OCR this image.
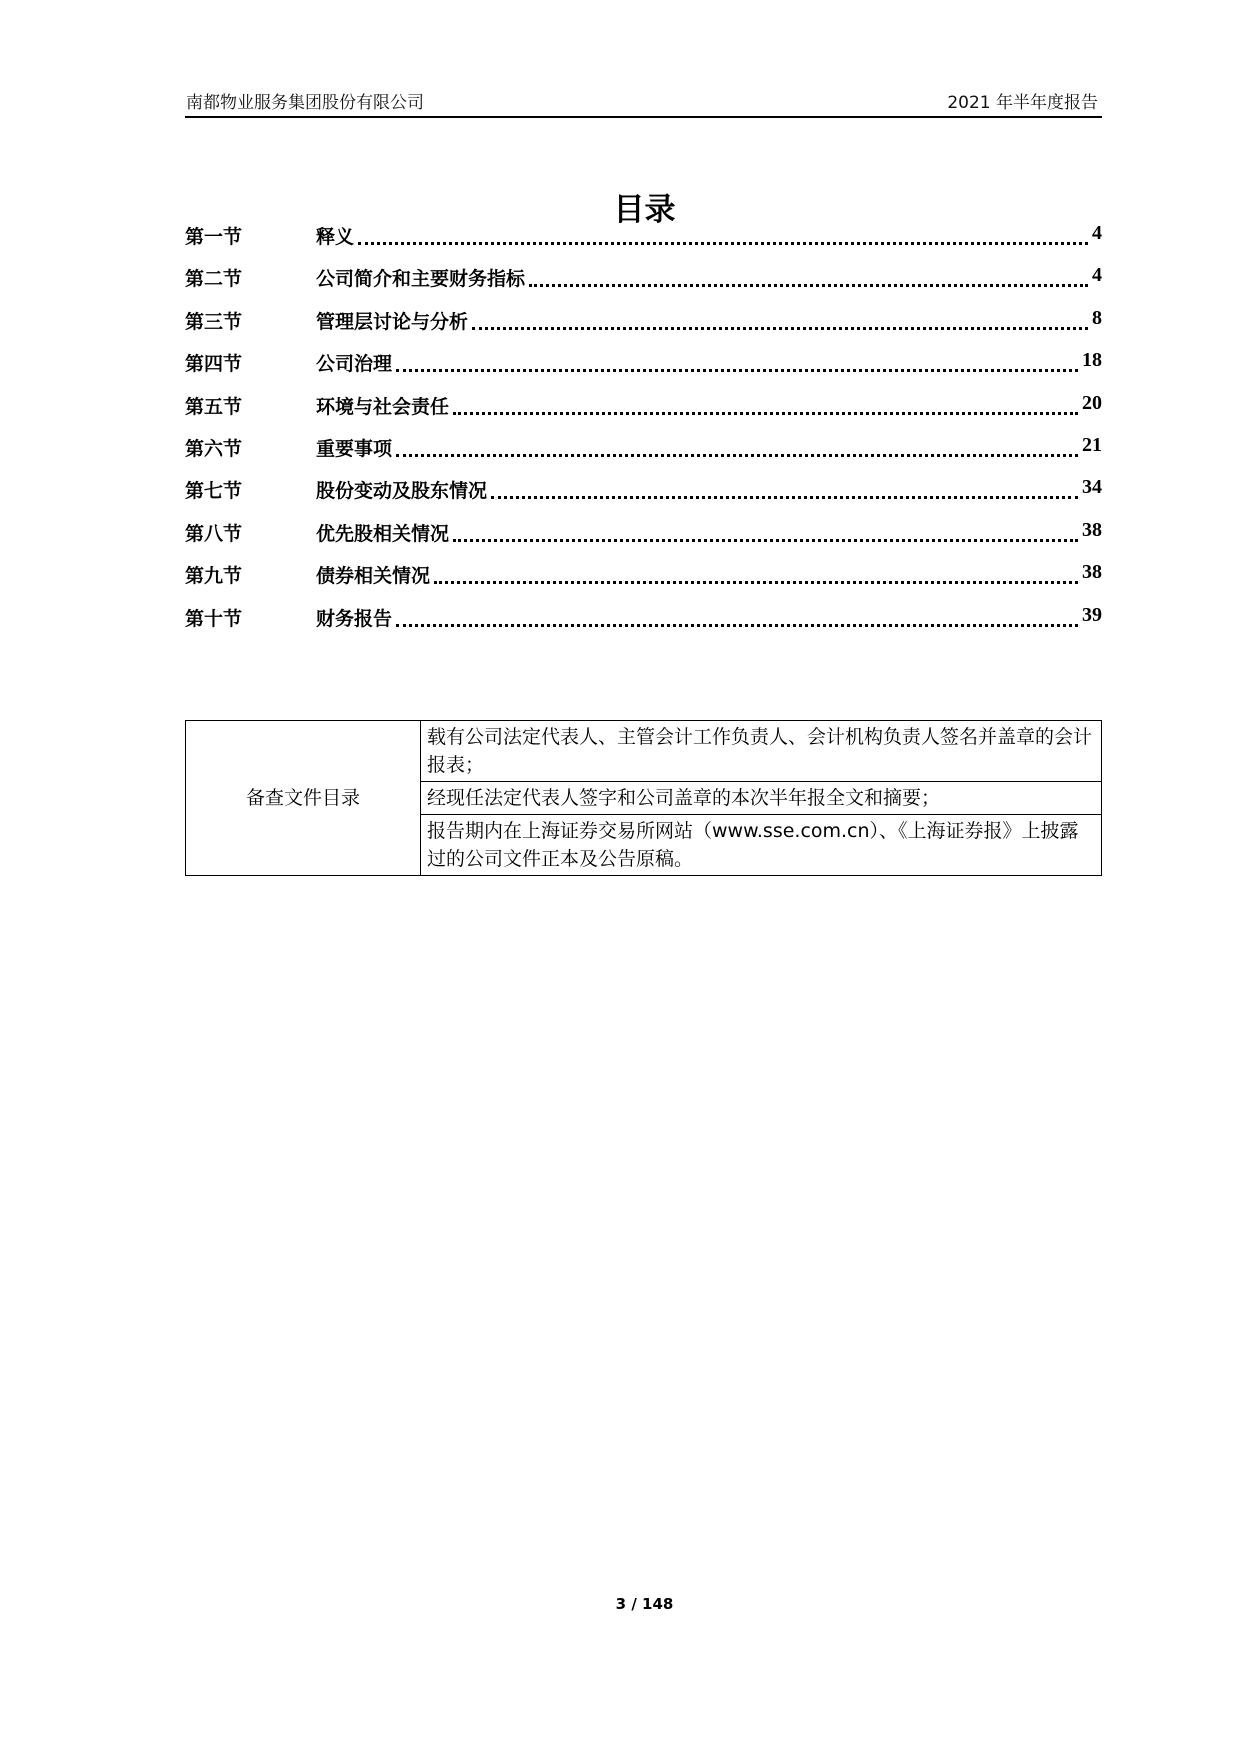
南都物业服务集团股份有限公司	2021 年半年度报告
目录
第一节	释义	4
第二节	公司简介和主要财务指标	4
第三节	管理层讨论与分析	8
第四节	公司治理	18
第五节	环境与社会责任	20
第六节	重要事项	21
第七节	股份变动及股东情况	34
第八节	优先股相关情况	38
第九节	债券相关情况	38
第十节	财务报告	39
备查文件目录	载有公司法定代表人、主管会计工作负责人、会计机构负责人签名并盖章的会计报表；
经现任法定代表人签字和公司盖章的本次半年报全文和摘要；
报告期内在上海证券交易所网站（www.sse.com.cn）、《上海证券报》上披露过的公司文件正本及公告原稿。
3 / 148
